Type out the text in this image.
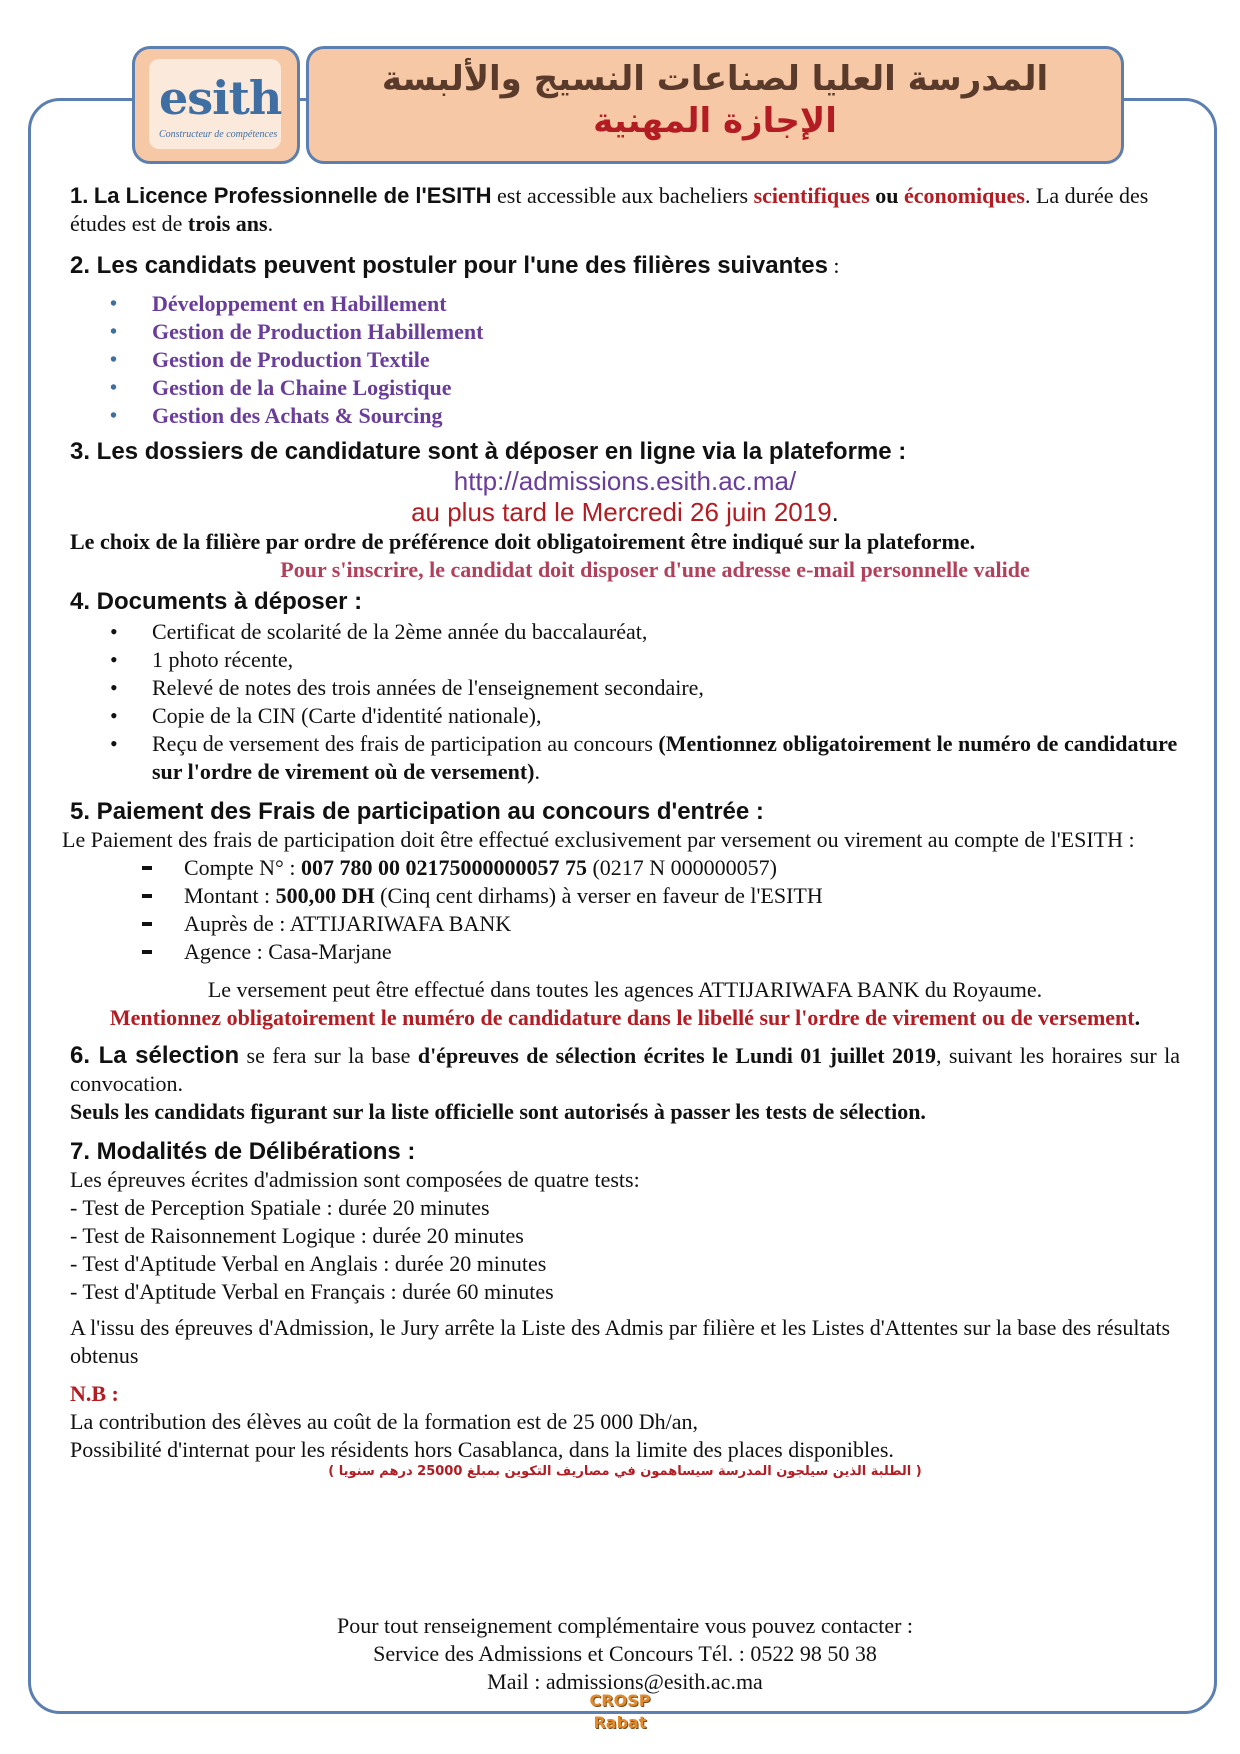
esith
Constructeur de compétences
المدرسة العليا لصناعات النسيج والألبسة
الإجازة المهنية

1. La Licence Professionnelle de l'ESITH est accessible aux bacheliers scientifiques ou économiques. La durée des études est de trois ans.

2. Les candidats peuvent postuler pour l'une des filières suivantes :

• Développement en Habillement
• Gestion de Production Habillement
• Gestion de Production Textile
• Gestion de la Chaine Logistique
• Gestion des Achats & Sourcing

3. Les dossiers de candidature sont à déposer en ligne via la plateforme :

http://admissions.esith.ac.ma/

au plus tard le Mercredi 26 juin 2019.

Le choix de la filière par ordre de préférence doit obligatoirement être indiqué sur la plateforme.

Pour s'inscrire, le candidat doit disposer d'une adresse e-mail personnelle valide

4. Documents à déposer :

• Certificat de scolarité de la 2ème année du baccalauréat,
• 1 photo récente,
• Relevé de notes des trois années de l'enseignement secondaire,
• Copie de la CIN (Carte d'identité nationale),
• Reçu de versement des frais de participation au concours (Mentionnez obligatoirement le numéro de candidature sur l'ordre de virement où de versement).

5. Paiement des Frais de participation au concours d'entrée :

Le Paiement des frais de participation doit être effectué exclusivement par versement ou virement au compte de l'ESITH :

Compte N° : 007 780 00 02175000000057 75 (0217 N 000000057)
Montant : 500,00 DH (Cinq cent dirhams) à verser en faveur de l'ESITH
Auprès de : ATTIJARIWAFA BANK
Agence : Casa-Marjane

Le versement peut être effectué dans toutes les agences ATTIJARIWAFA BANK du Royaume.

Mentionnez obligatoirement le numéro de candidature dans le libellé sur l'ordre de virement ou de versement.

6. La sélection se fera sur la base d'épreuves de sélection écrites le Lundi 01 juillet 2019, suivant les horaires sur la convocation.

Seuls les candidats figurant sur la liste officielle sont autorisés à passer les tests de sélection.

7. Modalités de Délibérations :

Les épreuves écrites d'admission sont composées de quatre tests:

- Test de Perception Spatiale : durée 20 minutes

- Test de Raisonnement Logique : durée 20 minutes

- Test d'Aptitude Verbal en Anglais : durée 20 minutes

- Test d'Aptitude Verbal en Français : durée 60 minutes

A l'issu des épreuves d'Admission, le Jury arrête la Liste des Admis par filière et les Listes d'Attentes sur la base des résultats obtenus

N.B :

La contribution des élèves au coût de la formation est de 25 000 Dh/an,

Possibilité d'internat pour les résidents hors Casablanca, dans la limite des places disponibles.

( الطلبة الذين سيلجون المدرسة سيساهمون في مصاريف التكوين بمبلغ 25000 درهم سنويا )

Pour tout renseignement complémentaire vous pouvez contacter :

Service des Admissions et Concours Tél. : 0522 98 50 38

Mail : admissions@esith.ac.ma

CROSP
Rabat
